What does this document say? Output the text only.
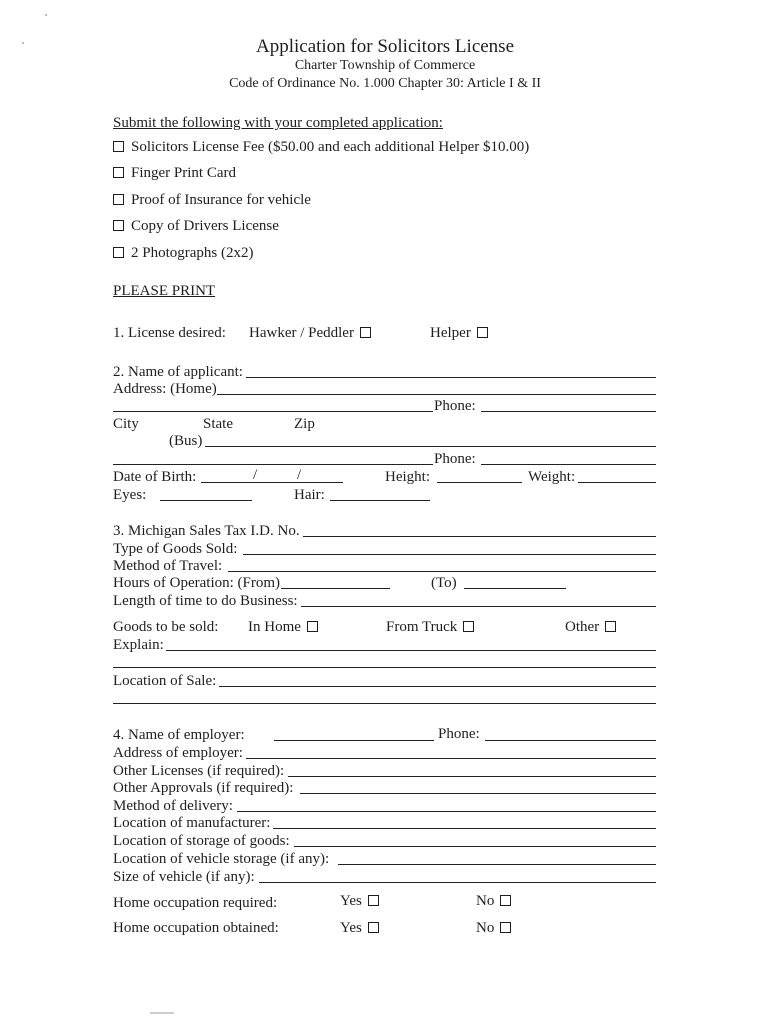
Application for Solicitors License
Charter Township of Commerce
Code of Ordinance No. 1.000 Chapter 30: Article I & II
Submit the following with your completed application:
Solicitors License Fee ($50.00 and each additional Helper $10.00)
Finger Print Card
Proof of Insurance for vehicle
Copy of Drivers License
2 Photographs (2x2)
PLEASE PRINT
1. License desired: Hawker / Peddler	Helper
2. Name of applicant:
Address: (Home)
Phone:
City	State	Zip
(Bus)
Phone:
Date of Birth:	/	/	Height:	Weight:
Eyes:	Hair:
3. Michigan Sales Tax I.D. No.
Type of Goods Sold:
Method of Travel:
Hours of Operation: (From)	(To)
Length of time to do Business:
Goods to be sold: In Home	From Truck	Other
Explain:
Location of Sale:
4. Name of employer:	Phone:
Address of employer:
Other Licenses (if required):
Other Approvals (if required):
Method of delivery:
Location of manufacturer:
Location of storage of goods:
Location of vehicle storage (if any):
Size of vehicle (if any):
Home occupation required:	Yes	No
Home occupation obtained:	Yes	No
